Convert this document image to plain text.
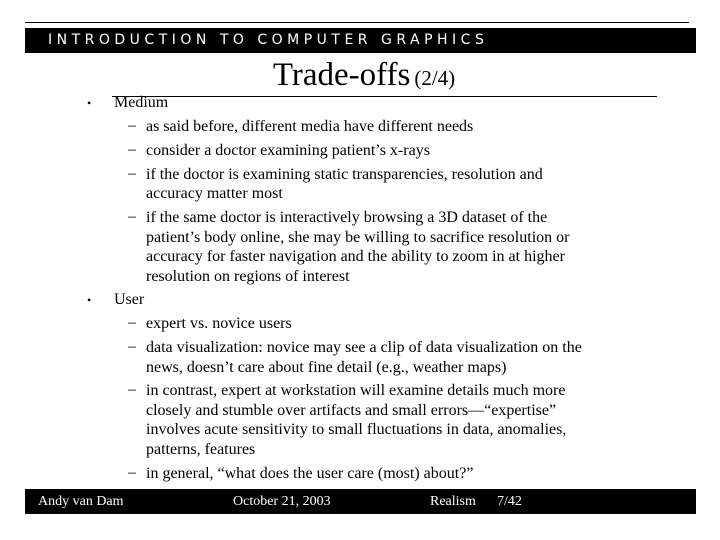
INTRODUCTION TO COMPUTER GRAPHICS
Trade-offs (2/4)
• Medium
– as said before, different media have different needs
– consider a doctor examining patient’s x-rays
– if the doctor is examining static transparencies, resolution and
accuracy matter most
– if the same doctor is interactively browsing a 3D dataset of the
patient’s body online, she may be willing to sacrifice resolution or
accuracy for faster navigation and the ability to zoom in at higher
resolution on regions of interest
• User
– expert vs. novice users
– data visualization: novice may see a clip of data visualization on the
news, doesn’t care about fine detail (e.g., weather maps)
– in contrast, expert at workstation will examine details much more
closely and stumble over artifacts and small errors—“expertise”
involves acute sensitivity to small fluctuations in data, anomalies,
patterns, features
– in general, “what does the user care (most) about?”
Andy van Dam	October 21, 2003	Realism 7/42
